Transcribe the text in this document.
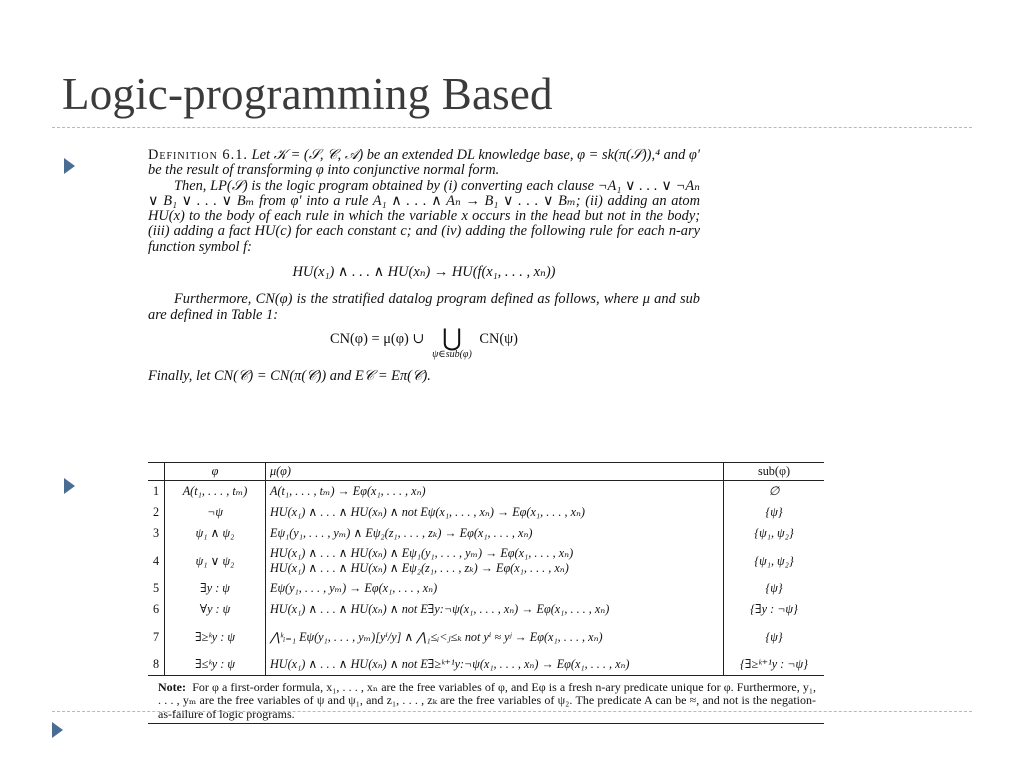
Logic-programming Based

Definition 6.1. Let 𝒦 = (𝒮, 𝒞, 𝒜) be an extended DL knowledge base, φ = sk(π(𝒮)),⁴ and φ′ be the result of transforming φ into conjunctive normal form.

Then, LP(𝒮) is the logic program obtained by (i) converting each clause ¬A₁ ∨ . . . ∨ ¬Aₙ ∨ B₁ ∨ . . . ∨ Bₘ from φ′ into a rule A₁ ∧ . . . ∧ Aₙ → B₁ ∨ . . . ∨ Bₘ; (ii) adding an atom HU(x) to the body of each rule in which the variable x occurs in the head but not in the body; (iii) adding a fact HU(c) for each constant c; and (iv) adding the following rule for each n-ary function symbol f:

HU(x₁) ∧ . . . ∧ HU(xₙ) → HU(f(x₁, . . . , xₙ))

Furthermore, CN(φ) is the stratified datalog program defined as follows, where μ and sub are defined in Table 1:

CN(φ) = μ(φ) ∪ ⋃
ψ∈sub(φ)
CN(ψ)

Finally, let CN(𝒞) = CN(π(𝒞)) and E𝒞 = Eπ(𝒞).

	φ	μ(φ)	sub(φ)
1	A(t₁, . . . , tₘ)	A(t₁, . . . , tₘ) → Eφ(x₁, . . . , xₙ)	∅
2	¬ψ	HU(x₁) ∧ . . . ∧ HU(xₙ) ∧ not Eψ(x₁, . . . , xₙ) → Eφ(x₁, . . . , xₙ)	{ψ}
3	ψ₁ ∧ ψ₂	Eψ₁(y₁, . . . , yₘ) ∧ Eψ₂(z₁, . . . , zₖ) → Eφ(x₁, . . . , xₙ)	{ψ₁, ψ₂}
4	ψ₁ ∨ ψ₂	HU(x₁) ∧ . . . ∧ HU(xₙ) ∧ Eψ₁(y₁, . . . , yₘ) → Eφ(x₁, . . . , xₙ)
HU(x₁) ∧ . . . ∧ HU(xₙ) ∧ Eψ₂(z₁, . . . , zₖ) → Eφ(x₁, . . . , xₙ)	{ψ₁, ψ₂}
5	∃y : ψ	Eψ(y₁, . . . , yₘ) → Eφ(x₁, . . . , xₙ)	{ψ}
6	∀y : ψ	HU(x₁) ∧ . . . ∧ HU(xₙ) ∧ not E∃y:¬ψ(x₁, . . . , xₙ) → Eφ(x₁, . . . , xₙ)	{∃y : ¬ψ}
7	∃≥ᵏy : ψ	⋀ᵏᵢ₌₁ Eψ(y₁, . . . , yₘ)[yⁱ/y] ∧ ⋀₁≤ᵢ<ⱼ≤ₖ not yⁱ ≈ yʲ → Eφ(x₁, . . . , xₙ)	{ψ}
8	∃≤ᵏy : ψ	HU(x₁) ∧ . . . ∧ HU(xₙ) ∧ not E∃≥ᵏ⁺¹y:¬ψ(x₁, . . . , xₙ) → Eφ(x₁, . . . , xₙ)	{∃≥ᵏ⁺¹y : ¬ψ}

Note: For φ a first-order formula, x₁, . . . , xₙ are the free variables of φ, and Eφ is a fresh n-ary predicate unique for φ. Furthermore, y₁, . . . , yₘ are the free variables of ψ and ψ₁, and z₁, . . . , zₖ are the free variables of ψ₂. The predicate A can be ≈, and not is the negation-as-failure of logic programs.
